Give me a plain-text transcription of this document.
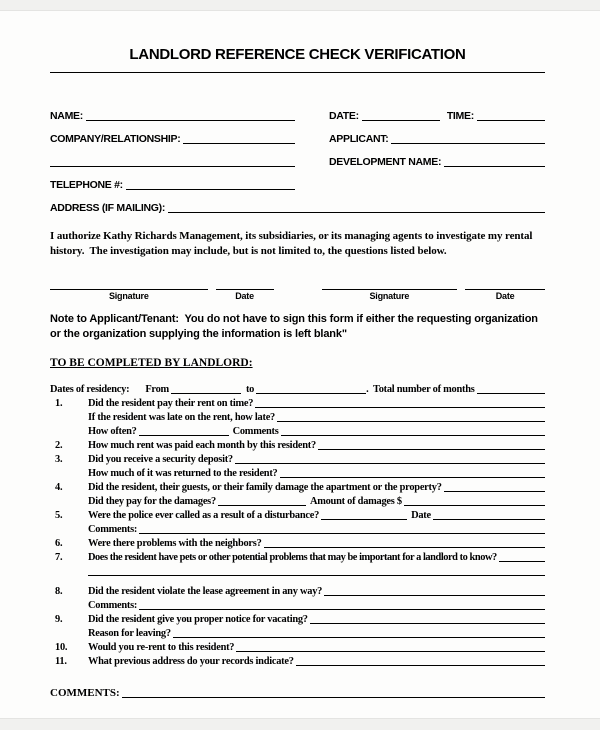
LANDLORD REFERENCE CHECK VERIFICATION
NAME:	DATE:	TIME:
COMPANY/RELATIONSHIP:	APPLICANT:
DEVELOPMENT NAME:
TELEPHONE #:
ADDRESS (IF MAILING):
I authorize Kathy Richards Management, its subsidiaries, or its managing agents to investigate my rental history.  The investigation may include, but is not limited to, the questions listed below.
Signature	Date	Signature	Date
Note to Applicant/Tenant:  You do not have to sign this form if either the requesting organization or the organization supplying the information is left blank"
TO BE COMPLETED BY LANDLORD:
Dates of residency: From	to	.  Total number of months
1.	Did the resident pay their rent on time?
If the resident was late on the rent, how late?
How often?	Comments
2.	How much rent was paid each month by this resident?
3.	Did you receive a security deposit?
How much of it was returned to the resident?
4.	Did the resident, their guests, or their family damage the apartment or the property?
Did they pay for the damages?	Amount of damages $
5.	Were the police ever called as a result of a disturbance?	Date
Comments:
6.	Were there problems with the neighbors?
7.	Does the resident have pets or other potential problems that may be important for a landlord to know?
8.	Did the resident violate the lease agreement in any way?
Comments:
9.	Did the resident give you proper notice for vacating?
Reason for leaving?
10.	Would you re-rent to this resident?
11.	What previous address do your records indicate?
COMMENTS:
